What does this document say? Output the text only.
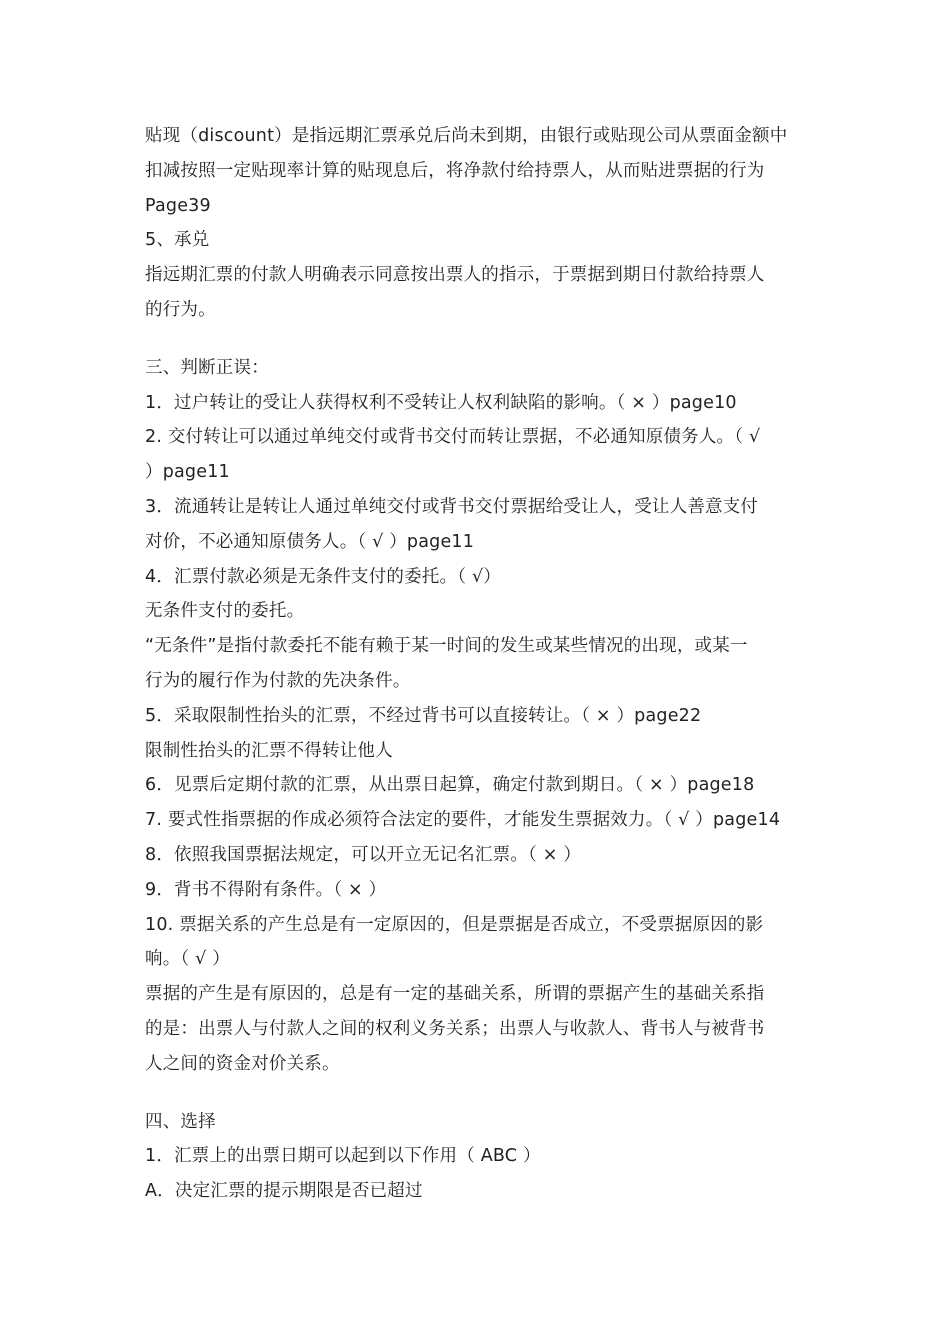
贴现（discount）是指远期汇票承兑后尚未到期，由银行或贴现公司从票面金额中
扣减按照一定贴现率计算的贴现息后，将净款付给持票人，从而贴进票据的行为
Page39
5、承兑
指远期汇票的付款人明确表示同意按出票人的指示，于票据到期日付款给持票人
的行为。
三、判断正误：
1．过户转让的受让人获得权利不受转让人权利缺陷的影响。（ × ）page10
2. 交付转让可以通过单纯交付或背书交付而转让票据，不必通知原债务人。（ √
）page11
3．流通转让是转让人通过单纯交付或背书交付票据给受让人，受让人善意支付
对价，不必通知原债务人。（ √ ）page11
4．汇票付款必须是无条件支付的委托。（ √）
无条件支付的委托。
“无条件”是指付款委托不能有赖于某一时间的发生或某些情况的出现，或某一
行为的履行作为付款的先决条件。
5．采取限制性抬头的汇票，不经过背书可以直接转让。（ × ）page22
限制性抬头的汇票不得转让他人
6．见票后定期付款的汇票，从出票日起算，确定付款到期日。（ × ）page18
7. 要式性指票据的作成必须符合法定的要件，才能发生票据效力。（ √ ）page14
8．依照我国票据法规定，可以开立无记名汇票。（ × ）
9．背书不得附有条件。（ × ）
10. 票据关系的产生总是有一定原因的，但是票据是否成立，不受票据原因的影
响。（ √ ）
票据的产生是有原因的，总是有一定的基础关系，所谓的票据产生的基础关系指
的是：出票人与付款人之间的权利义务关系；出票人与收款人、背书人与被背书
人之间的资金对价关系。
四、选择
1．汇票上的出票日期可以起到以下作用（ ABC ）
A．决定汇票的提示期限是否已超过
